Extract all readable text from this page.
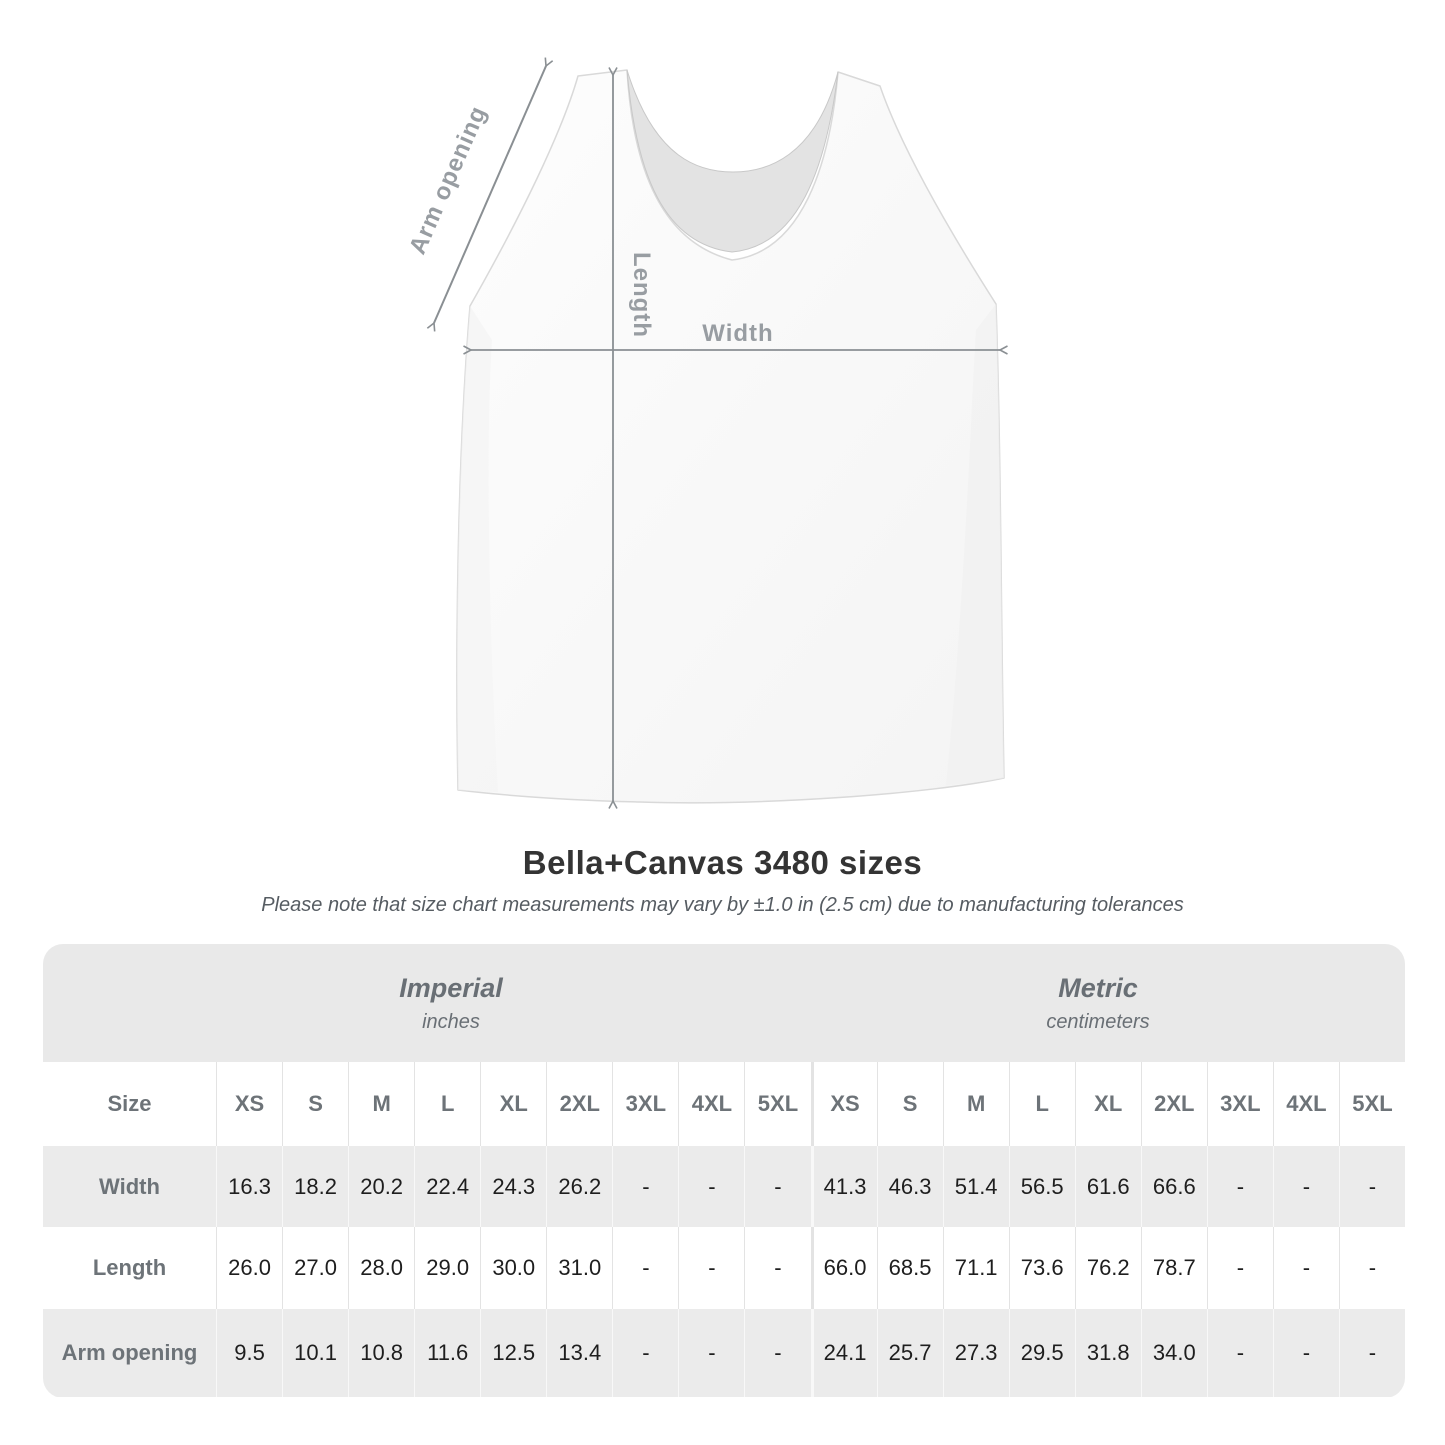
Arm opening
Length Width
Bella+Canvas 3480 sizes
Please note that size chart measurements may vary by ±1.0 in (2.5 cm) due to manufacturing tolerances
Imperial
inches
Metric
centimeters
Size	XS	S	M	L	XL	2XL	3XL	4XL	5XL	XS	S	M	L	XL	2XL	3XL	4XL	5XL
Width	16.3	18.2	20.2	22.4	24.3	26.2	-	-	-	41.3	46.3	51.4	56.5	61.6	66.6	-	-	-
Length	26.0	27.0	28.0	29.0	30.0	31.0	-	-	-	66.0	68.5	71.1	73.6	76.2	78.7	-	-	-
Arm opening	9.5	10.1	10.8	11.6	12.5	13.4	-	-	-	24.1	25.7	27.3	29.5	31.8	34.0	-	-	-
